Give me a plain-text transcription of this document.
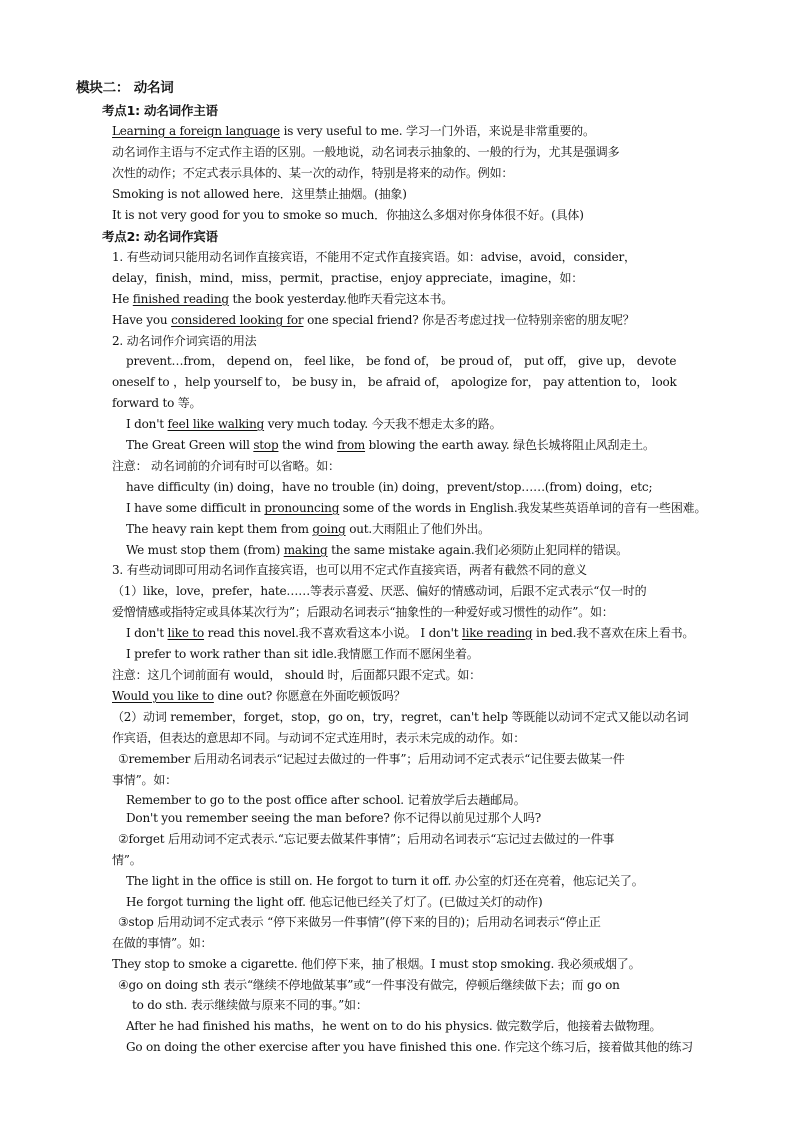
模块二： 动名词
考点1: 动名词作主语
Learning a foreign language is very useful to me. 学习一门外语，来说是非常重要的。
动名词作主语与不定式作主语的区别。一般地说，动名词表示抽象的、一般的行为，尤其是强调多
次性的动作；不定式表示具体的、某一次的动作，特别是将来的动作。例如：
Smoking is not allowed here．这里禁止抽烟。(抽象)
It is not very good for you to smoke so much．你抽这么多烟对你身体很不好。(具体)
考点2: 动名词作宾语
1. 有些动词只能用动名词作直接宾语，不能用不定式作直接宾语。如：advise，avoid，consider，
delay，finish，mind，miss，permit，practise，enjoy appreciate，imagine，如：
He finished reading the book yesterday.他昨天看完这本书。
Have you considered looking for one special friend? 你是否考虑过找一位特别亲密的朋友呢？
2. 动名词作介词宾语的用法
prevent…from， depend on， feel like， be fond of， be proud of， put off， give up， devote
oneself to ，help yourself to， be busy in， be afraid of， apologize for， pay attention to， look
forward to 等。
I don't feel like walking very much today. 今天我不想走太多的路。
The Great Green will stop the wind from blowing the earth away. 绿色长城将阻止风刮走土。
注意： 动名词前的介词有时可以省略。如：
have difficulty (in) doing，have no trouble (in) doing，prevent/stop……(from) doing，etc;
I have some difficult in pronouncing some of the words in English.我发某些英语单词的音有一些困难。
The heavy rain kept them from going out.大雨阻止了他们外出。
We must stop them (from) making the same mistake again.我们必须防止犯同样的错误。
3. 有些动词即可用动名词作直接宾语，也可以用不定式作直接宾语，两者有截然不同的意义
（1）like，love，prefer，hate……等表示喜爱、厌恶、偏好的情感动词，后跟不定式表示“仅一时的
爱憎情感或指特定或具体某次行为”；后跟动名词表示“抽象性的一种爱好或习惯性的动作”。如：
I don't like to read this novel.我不喜欢看这本小说。 I don't like reading in bed.我不喜欢在床上看书。
I prefer to work rather than sit idle.我情愿工作而不愿闲坐着。
注意：这几个词前面有 would， should 时，后面都只跟不定式。如：
Would you like to dine out? 你愿意在外面吃顿饭吗？
（2）动词 remember，forget，stop，go on，try，regret，can't help 等既能以动词不定式又能以动名词
作宾语，但表达的意思却不同。与动词不定式连用时，表示未完成的动作。如：
①remember 后用动名词表示“记起过去做过的一件事”；后用动词不定式表示“记住要去做某一件
事情”。如：
Remember to go to the post office after school. 记着放学后去趟邮局。
Don't you remember seeing the man before? 你不记得以前见过那个人吗?
②forget 后用动词不定式表示.“忘记要去做某件事情”；后用动名词表示“忘记过去做过的一件事
情”。
The light in the office is still on. He forgot to turn it off. 办公室的灯还在亮着，他忘记关了。
He forgot turning the light off. 他忘记他已经关了灯了。(已做过关灯的动作)
③stop 后用动词不定式表示 “停下来做另一件事情”(停下来的目的)；后用动名词表示“停止正
在做的事情”。如：
They stop to smoke a cigarette. 他们停下来，抽了根烟。I must stop smoking. 我必须戒烟了。
④go on doing sth 表示“继续不停地做某事”或“一件事没有做完，停顿后继续做下去；而 go on
to do sth. 表示继续做与原来不同的事。”如：
After he had finished his maths，he went on to do his physics. 做完数学后，他接着去做物理。
Go on doing the other exercise after you have finished this one. 作完这个练习后，接着做其他的练习
